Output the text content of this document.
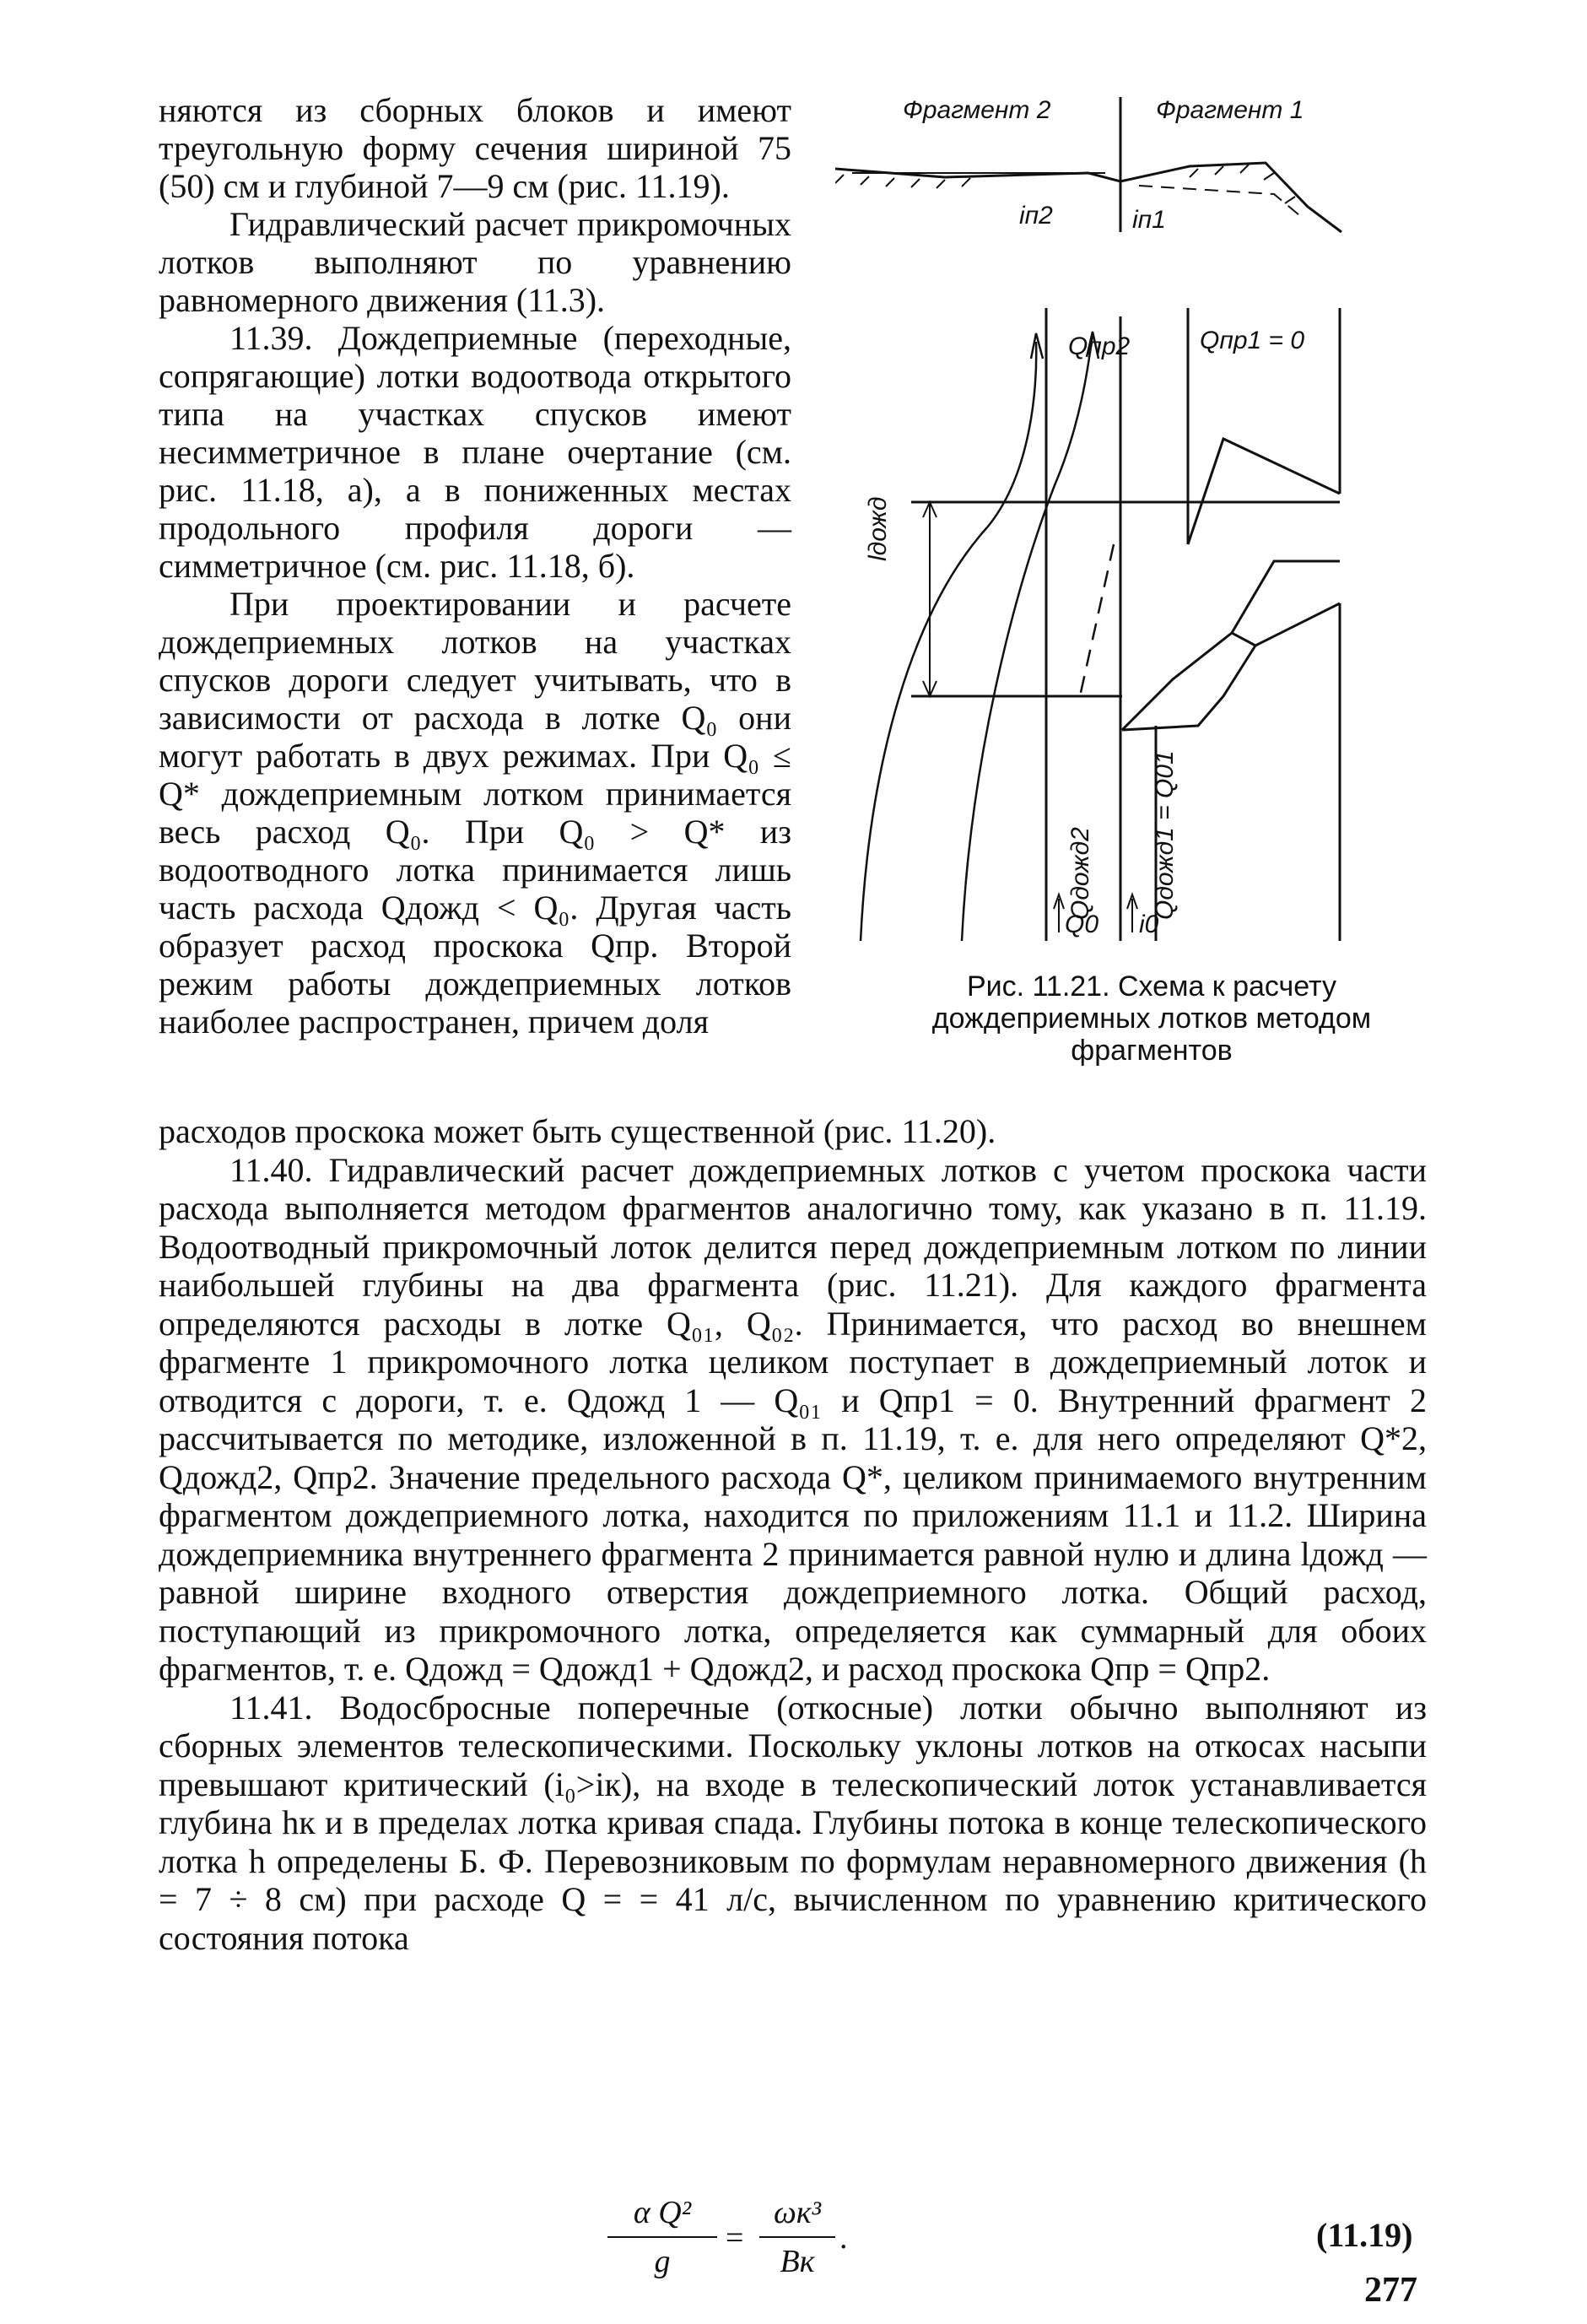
няются из сборных блоков и имеют треугольную форму сечения шириной 75 (50) см и глубиной 7—9 см (рис. 11.19).

Гидравлический расчет прикромочных лотков выполняют по уравнению равномерного движения (11.3).

11.39. Дождеприемные (переходные, сопрягающие) лотки водоотвода открытого типа на участках спусков имеют несимметричное в плане очертание (см. рис. 11.18, а), а в пониженных местах продольного профиля дороги — симметричное (см. рис. 11.18, б).

При проектировании и расчете дождеприемных лотков на участках спусков дороги следует учитывать, что в зависимости от расхода в лотке Q₀ они могут работать в двух режимах. При Q₀ ≤ Q* дождеприемным лотком принимается весь расход Q₀. При Q₀ > Q* из водоотводного лотка принимается лишь часть расхода Qдожд < Q₀. Другая часть образует расход проскока Qпр. Второй режим работы дождеприемных лотков наиболее распространен, причем доля

Фрагмент 2	Фрагмент 1
iп2	iп1
Qпр2	Qпр1 = 0
lдожд
Qдожд2 Qдожд1 = Q01
Q0 i0
Рис. 11.21. Схема к расчету дождеприемных лотков методом фрагментов

расходов проскока может быть существенной (рис. 11.20).

11.40. Гидравлический расчет дождеприемных лотков с учетом проскока части расхода выполняется методом фрагментов аналогично тому, как указано в п. 11.19. Водоотводный прикромочный лоток делится перед дождеприемным лотком по линии наибольшей глубины на два фрагмента (рис. 11.21). Для каждого фрагмента определяются расходы в лотке Q₀₁, Q₀₂. Принимается, что расход во внешнем фрагменте 1 прикромочного лотка целиком поступает в дождеприемный лоток и отводится с дороги, т. е. Qдожд 1 — Q₀₁ и Qпр1 = 0. Внутренний фрагмент 2 рассчитывается по методике, изложенной в п. 11.19, т. е. для него определяют Q*2, Qдожд2, Qпр2. Значение предельного расхода Q*, целиком принимаемого внутренним фрагментом дождеприемного лотка, находится по приложениям 11.1 и 11.2. Ширина дождеприемника внутреннего фрагмента 2 принимается равной нулю и длина lдожд — равной ширине входного отверстия дождеприемного лотка. Общий расход, поступающий из прикромочного лотка, определяется как суммарный для обоих фрагментов, т. е. Qдожд = Qдожд1 + Qдожд2, и расход проскока Qпр = Qпр2.

11.41. Водосбросные поперечные (откосные) лотки обычно выполняют из сборных элементов телескопическими. Поскольку уклоны лотков на откосах насыпи превышают критический (i₀>iк), на входе в телескопический лоток устанавливается глубина hк и в пределах лотка кривая спада. Глубины потока в конце телескопического лотка h определены Б. Ф. Перевозниковым по формулам неравномерного движения (h = 7 ÷ 8 см) при расходе Q = = 41 л/с, вычисленном по уравнению критического состояния потока

α Q²
g
=
ωк³
Bк
.	(11.19)
277
